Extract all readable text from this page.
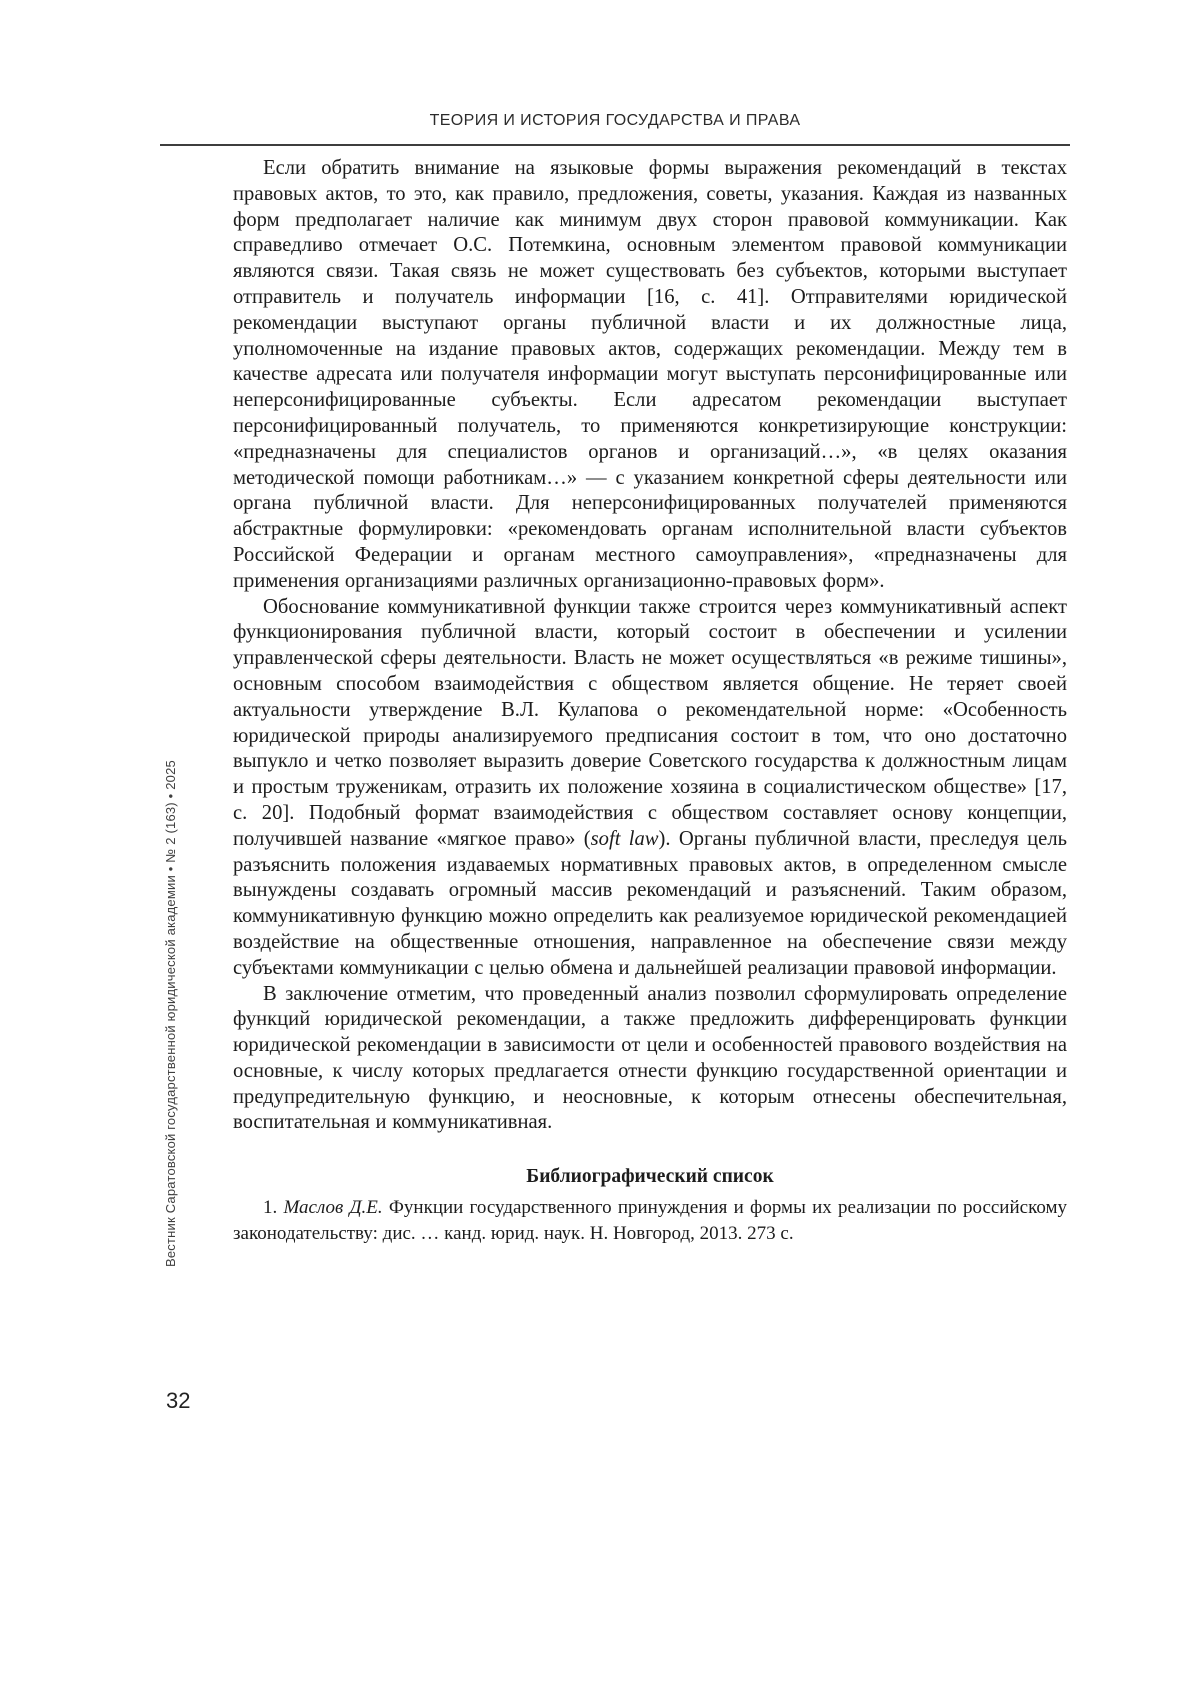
ТЕОРИЯ И ИСТОРИЯ ГОСУДАРСТВА И ПРАВА
Вестник Саратовской государственной юридической академии • № 2 (163) • 2025

Если обратить внимание на языковые формы выражения рекомендаций в текстах правовых актов, то это, как правило, предложения, советы, указания. Каждая из названных форм предполагает наличие как минимум двух сторон правовой коммуникации. Как справедливо отмечает О.С. Потемкина, основным элементом правовой коммуникации являются связи. Такая связь не может существовать без субъектов, которыми выступает отправитель и получатель информации [16, с. 41]. Отправителями юридической рекомендации выступают органы публичной власти и их должностные лица, уполномоченные на издание правовых актов, содержащих рекомендации. Между тем в качестве адресата или получателя информации могут выступать персонифицированные или неперсонифицированные субъекты. Если адресатом рекомендации выступает персонифицированный получатель, то применяются конкретизирующие конструкции: «предназначены для специалистов органов и организаций…», «в целях оказания методической помощи работникам…» — с указанием конкретной сферы деятельности или органа публичной власти. Для неперсонифицированных получателей применяются абстрактные формулировки: «рекомендовать органам исполнительной власти субъектов Российской Федерации и органам местного самоуправления», «предназначены для применения организациями различных организационно-правовых форм».

Обоснование коммуникативной функции также строится через коммуникативный аспект функционирования публичной власти, который состоит в обеспечении и усилении управленческой сферы деятельности. Власть не может осуществляться «в режиме тишины», основным способом взаимодействия с обществом является общение. Не теряет своей актуальности утверждение В.Л. Кулапова о рекомендательной норме: «Особенность юридической природы анализируемого предписания состоит в том, что оно достаточно выпукло и четко позволяет выразить доверие Советского государства к должностным лицам и простым труженикам, отразить их положение хозяина в социалистическом обществе» [17, с. 20]. Подобный формат взаимодействия с обществом составляет основу концепции, получившей название «мягкое право» (soft law). Органы публичной власти, преследуя цель разъяснить положения издаваемых нормативных правовых актов, в определенном смысле вынуждены создавать огромный массив рекомендаций и разъяснений. Таким образом, коммуникативную функцию можно определить как реализуемое юридической рекомендацией воздействие на общественные отношения, направленное на обеспечение связи между субъектами коммуникации с целью обмена и дальнейшей реализации правовой информации.

В заключение отметим, что проведенный анализ позволил сформулировать определение функций юридической рекомендации, а также предложить дифференцировать функции юридической рекомендации в зависимости от цели и особенностей правового воздействия на основные, к числу которых предлагается отнести функцию государственной ориентации и предупредительную функцию, и неосновные, к которым отнесены обеспечительная, воспитательная и коммуникативная.

Библиографический список

1. Маслов Д.Е. Функции государственного принуждения и формы их реализации по российскому законодательству: дис. … канд. юрид. наук. Н. Новгород, 2013. 273 с.

32
